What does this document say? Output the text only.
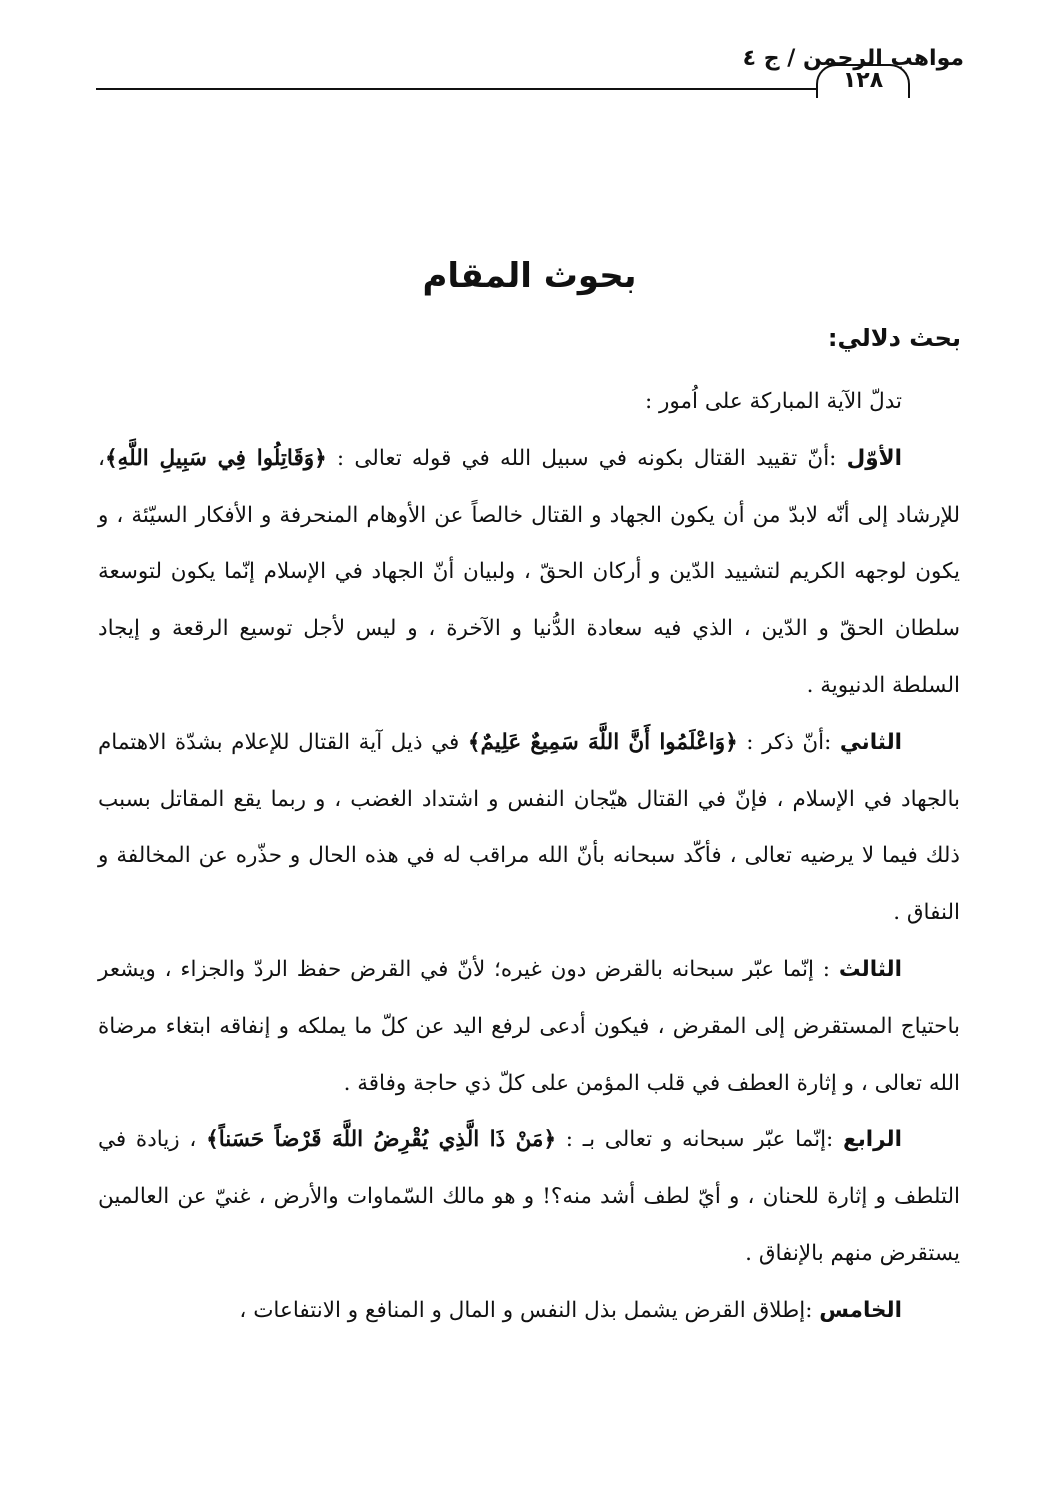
مواهب الرحمن / ج ٤
١٢٨
بحوث المقام
بحث دلالي:

تدلّ الآية المباركة على اُمور :

الأوّل :أنّ تقييد القتال بكونه في سبيل الله في قوله تعالى : ﴿وَقَاتِلُوا فِي سَبِيلِ اللَّهِ﴾، للإرشاد إلى أنّه لابدّ من أن يكون الجهاد و القتال خالصاً عن الأوهام المنحرفة و الأفكار السيّئة ، و يكون لوجهه الكريم لتشييد الدّين و أركان الحقّ ، ولبيان أنّ الجهاد في الإسلام إنّما يكون لتوسعة سلطان الحقّ و الدّين ، الذي فيه سعادة الدُّنيا و الآخرة ، و ليس لأجل توسيع الرقعة و إيجاد السلطة الدنيوية .

الثاني :أنّ ذكر : ﴿وَاعْلَمُوا أَنَّ اللَّهَ سَمِيعٌ عَلِيمٌ﴾ في ذيل آية القتال للإعلام بشدّة الاهتمام بالجهاد في الإسلام ، فإنّ في القتال هيّجان النفس و اشتداد الغضب ، و ربما يقع المقاتل بسبب ذلك فيما لا يرضيه تعالى ، فأكّد سبحانه بأنّ الله مراقب له في هذه الحال و حذّره عن المخالفة و النفاق .

الثالث : إنّما عبّر سبحانه بالقرض دون غيره؛ لأنّ في القرض حفظ الردّ والجزاء ، ويشعر باحتياج المستقرض إلى المقرض ، فيكون أدعى لرفع اليد عن كلّ ما يملكه و إنفاقه ابتغاء مرضاة الله تعالى ، و إثارة العطف في قلب المؤمن على كلّ ذي حاجة وفاقة .

الرابع :إنّما عبّر سبحانه و تعالى بـ : ﴿مَنْ ذَا الَّذِي يُقْرِضُ اللَّهَ قَرْضاً حَسَناً﴾ ، زيادة في التلطف و إثارة للحنان ، و أيّ لطف أشد منه؟! و هو مالك السّماوات والأرض ، غنيّ عن العالمين يستقرض منهم بالإنفاق .

الخامس :إطلاق القرض يشمل بذل النفس و المال و المنافع و الانتفاعات ،
